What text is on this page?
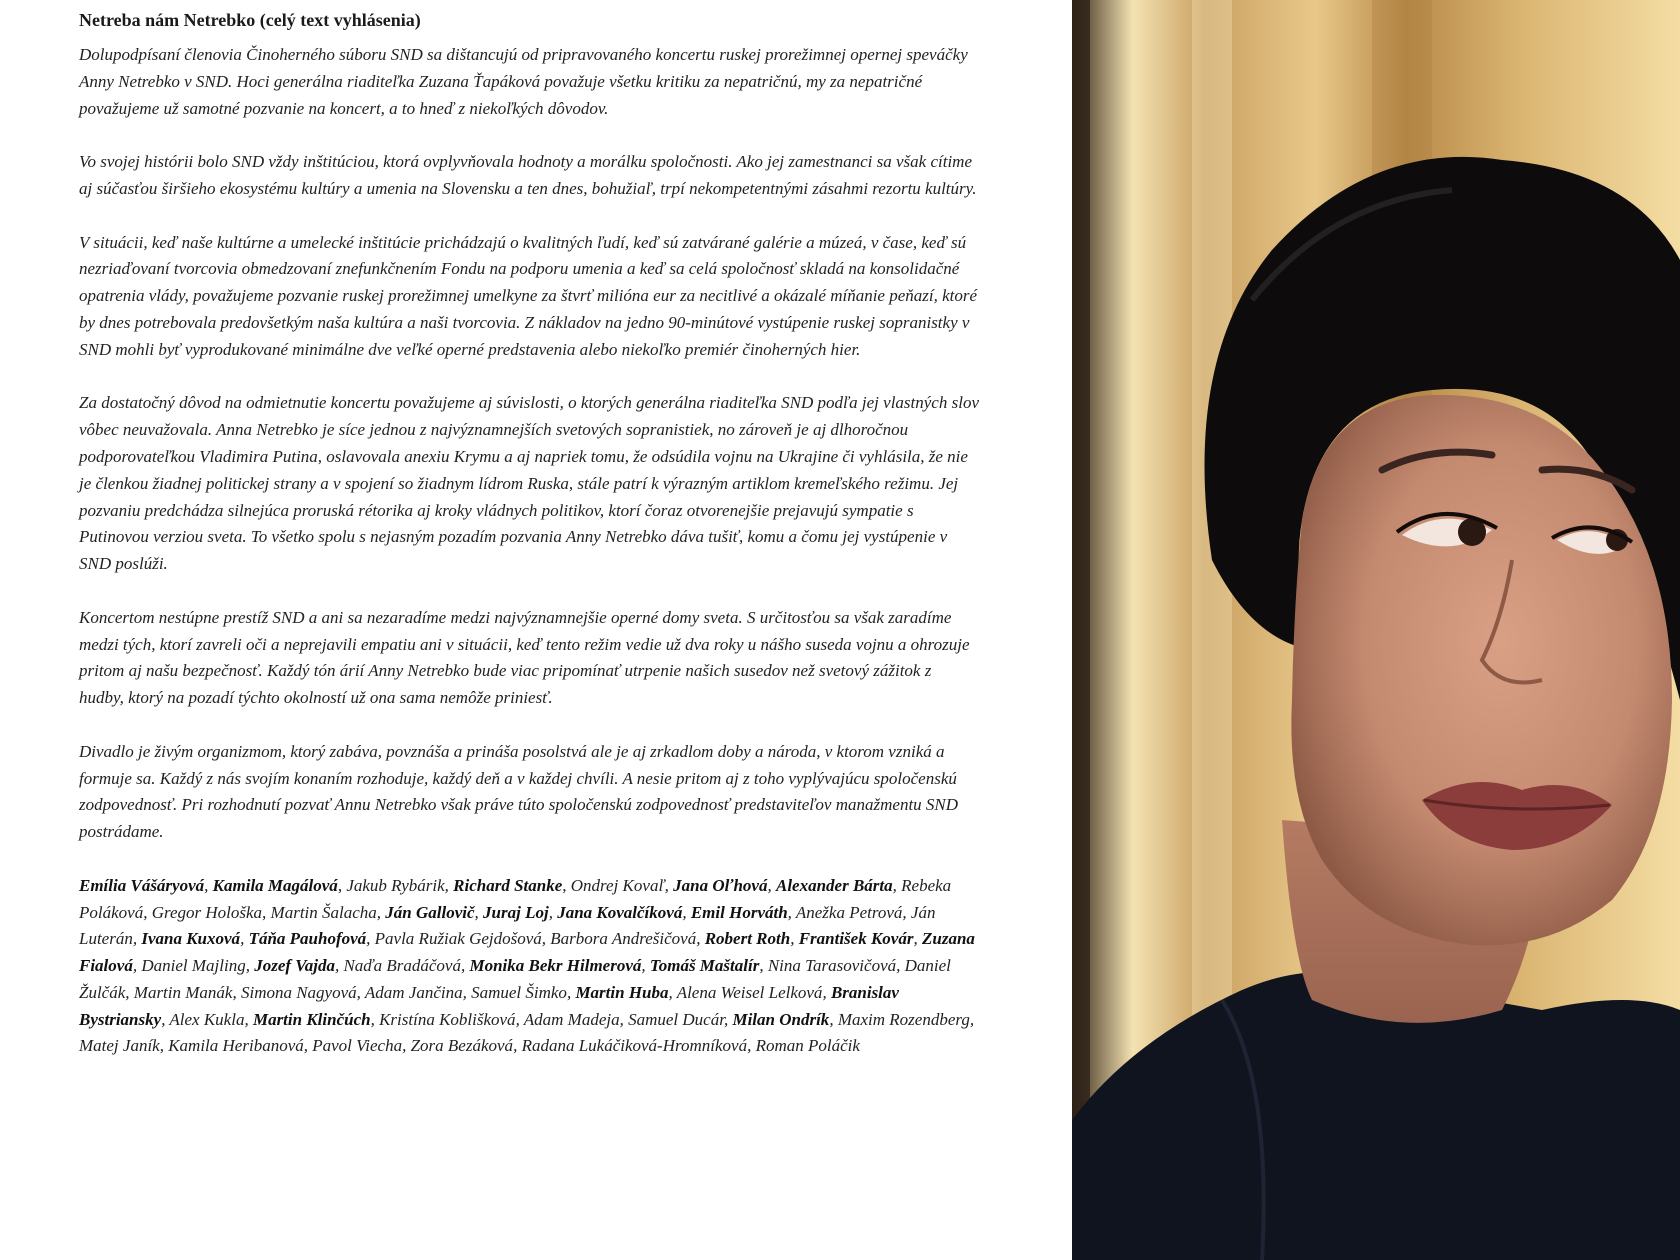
Netreba nám Netrebko (celý text vyhlásenia)

Dolupodpísaní členovia Činoherného súboru SND sa dištancujú od pripravovaného koncertu ruskej prorežimnej opernej speváčky Anny Netrebko v SND. Hoci generálna riaditeľka Zuzana Ťapáková považuje všetku kritiku za nepatričnú, my za nepatričné považujeme už samotné pozvanie na koncert, a to hneď z niekoľkých dôvodov.

Vo svojej histórii bolo SND vždy inštitúciou, ktorá ovplyvňovala hodnoty a morálku spoločnosti. Ako jej zamestnanci sa však cítime aj súčasťou širšieho ekosystému kultúry a umenia na Slovensku a ten dnes, bohužiaľ, trpí nekompetentnými zásahmi rezortu kultúry.

V situácii, keď naše kultúrne a umelecké inštitúcie prichádzajú o kvalitných ľudí, keď sú zatvárané galérie a múzeá, v čase, keď sú nezriaďovaní tvorcovia obmedzovaní znefunkčnením Fondu na podporu umenia a keď sa celá spoločnosť skladá na konsolidačné opatrenia vlády, považujeme pozvanie ruskej prorežimnej umelkyne za štvrť milióna eur za necitlivé a okázalé míňanie peňazí, ktoré by dnes potrebovala predovšetkým naša kultúra a naši tvorcovia. Z nákladov na jedno 90-minútové vystúpenie ruskej sopranistky v SND mohli byť vyprodukované minimálne dve veľké operné predstavenia alebo niekoľko premiér činoherných hier.

Za dostatočný dôvod na odmietnutie koncertu považujeme aj súvislosti, o ktorých generálna riaditeľka SND podľa jej vlastných slov vôbec neuvažovala. Anna Netrebko je síce jednou z najvýznamnejších svetových sopranistiek, no zároveň je aj dlhoročnou podporovateľkou Vladimira Putina, oslavovala anexiu Krymu a aj napriek tomu, že odsúdila vojnu na Ukrajine či vyhlásila, že nie je členkou žiadnej politickej strany a v spojení so žiadnym lídrom Ruska, stále patrí k výrazným artiklom kremeľského režimu. Jej pozvaniu predchádza silnejúca proruská rétorika aj kroky vládnych politikov, ktorí čoraz otvorenejšie prejavujú sympatie s Putinovou verziou sveta. To všetko spolu s nejasným pozadím pozvania Anny Netrebko dáva tušiť, komu a čomu jej vystúpenie v SND poslúži.

Koncertom nestúpne prestíž SND a ani sa nezaradíme medzi najvýznamnejšie operné domy sveta. S určitosťou sa však zaradíme medzi tých, ktorí zavreli oči a neprejavili empatiu ani v situácii, keď tento režim vedie už dva roky u nášho suseda vojnu a ohrozuje pritom aj našu bezpečnosť. Každý tón árií Anny Netrebko bude viac pripomínať utrpenie našich susedov než svetový zážitok z hudby, ktorý na pozadí týchto okolností už ona sama nemôže priniesť.

Divadlo je živým organizmom, ktorý zabáva, povznáša a prináša posolstvá ale je aj zrkadlom doby a národa, v ktorom vzniká a formuje sa. Každý z nás svojím konaním rozhoduje, každý deň a v každej chvíli. A nesie pritom aj z toho vyplývajúcu spoločenskú zodpovednosť. Pri rozhodnutí pozvať Annu Netrebko však práve túto spoločenskú zodpovednosť predstaviteľov manažmentu SND postrádame.

Emília Vášáryová, Kamila Magálová, Jakub Rybárik, Richard Stanke, Ondrej Kovaľ, Jana Oľhová, Alexander Bárta, Rebeka Poláková, Gregor Hološka, Martin Šalacha, Ján Gallovič, Juraj Loj, Jana Kovalčíková, Emil Horváth, Anežka Petrová, Ján Luterán, Ivana Kuxová, Táňa Pauhofová, Pavla Ružiak Gejdošová, Barbora Andrešičová, Robert Roth, František Kovár, Zuzana Fialová, Daniel Majling, Jozef Vajda, Naďa Bradáčová, Monika Bekr Hilmerová, Tomáš Maštalír, Nina Tarasovičová, Daniel Žulčák, Martin Manák, Simona Nagyová, Adam Jančina, Samuel Šimko, Martin Huba, Alena Weisel Lelková, Branislav Bystriansky, Alex Kukla, Martin Klinčúch, Kristína Koblišková, Adam Madeja, Samuel Ducár, Milan Ondrík, Maxim Rozendberg, Matej Janík, Kamila Heribanová, Pavol Viecha, Zora Bezáková, Radana Lukáčiková-Hromníková, Roman Poláčik
